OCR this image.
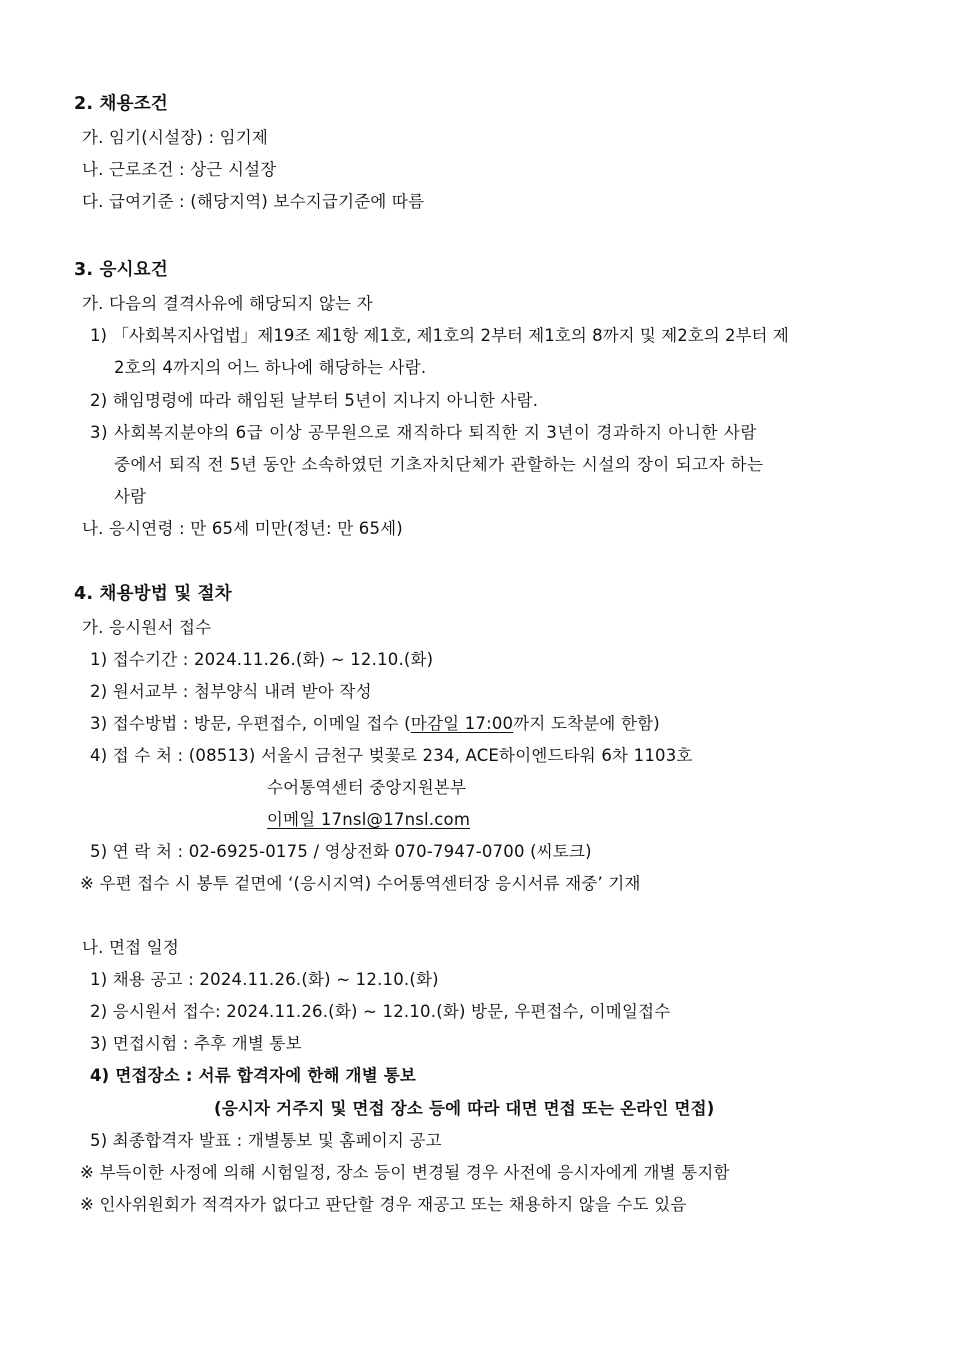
2. 채용조건
가. 임기(시설장) : 임기제
나. 근로조건 : 상근 시설장
다. 급여기준 : (해당지역) 보수지급기준에 따름
3. 응시요건
가. 다음의 결격사유에 해당되지 않는 자
1) 「사회복지사업법」제19조 제1항 제1호, 제1호의 2부터 제1호의 8까지 및 제2호의 2부터 제
2호의 4까지의 어느 하나에 해당하는 사람.
2) 해임명령에 따라 해임된 날부터 5년이 지나지 아니한 사람.
3) 사회복지분야의 6급 이상 공무원으로 재직하다 퇴직한 지 3년이 경과하지 아니한 사람
중에서 퇴직 전 5년 동안 소속하였던 기초자치단체가 관할하는 시설의 장이 되고자 하는
사람
나. 응시연령 : 만 65세 미만(정년: 만 65세)
4. 채용방법 및 절차
가. 응시원서 접수
1) 접수기간 : 2024.11.26.(화) ~ 12.10.(화)
2) 원서교부 : 첨부양식 내려 받아 작성
3) 접수방법 : 방문, 우편접수, 이메일 접수 (마감일 17:00까지 도착분에 한함)
4) 접 수 처 : (08513) 서울시 금천구 벚꽃로 234, ACE하이엔드타워 6차 1103호
수어통역센터 중앙지원본부
이메일 17nsl@17nsl.com
5) 연 락 처 : 02-6925-0175 / 영상전화 070-7947-0700 (씨토크)
※ 우편 접수 시 봉투 겉면에 ‘(응시지역) 수어통역센터장 응시서류 재중’ 기재
나. 면접 일정
1) 채용 공고 : 2024.11.26.(화) ~ 12.10.(화)
2) 응시원서 접수: 2024.11.26.(화) ~ 12.10.(화) 방문, 우편접수, 이메일접수
3) 면접시험 : 추후 개별 통보
4) 면접장소 : 서류 합격자에 한해 개별 통보
(응시자 거주지 및 면접 장소 등에 따라 대면 면접 또는 온라인 면접)
5) 최종합격자 발표 : 개별통보 및 홈페이지 공고
※ 부득이한 사정에 의해 시험일정, 장소 등이 변경될 경우 사전에 응시자에게 개별 통지함
※ 인사위원회가 적격자가 없다고 판단할 경우 재공고 또는 채용하지 않을 수도 있음
